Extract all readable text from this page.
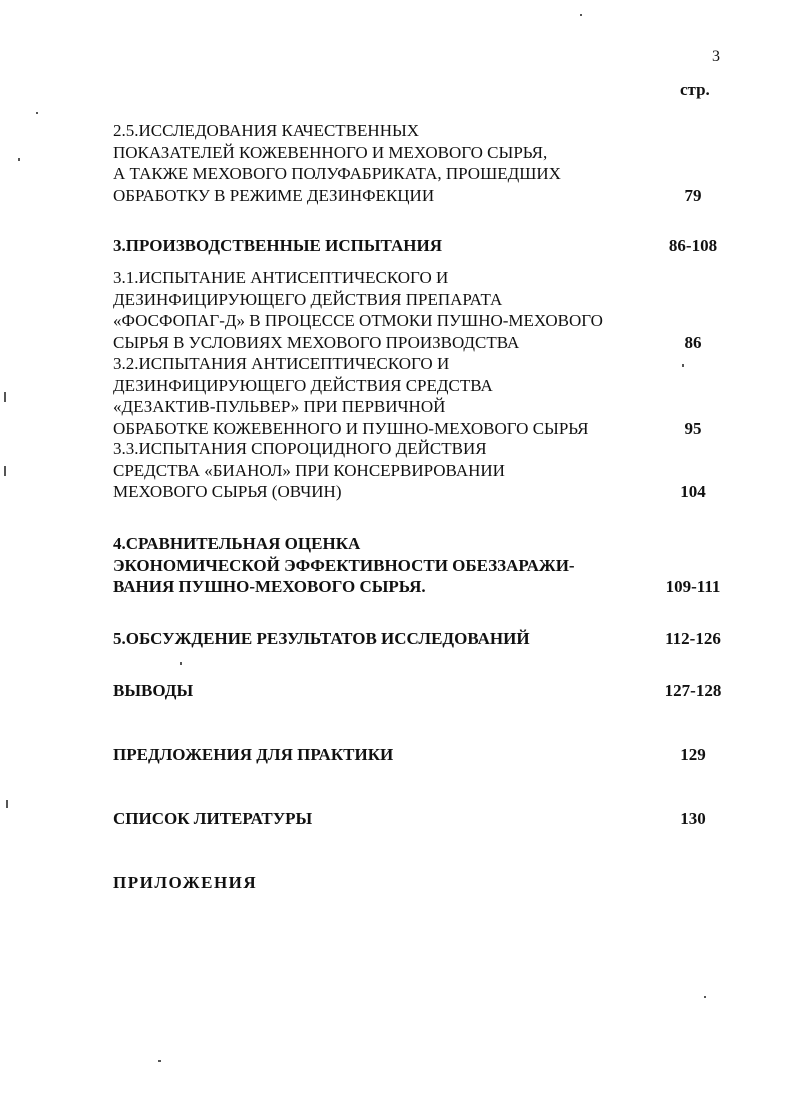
3
стр.
2.5.ИССЛЕДОВАНИЯ КАЧЕСТВЕННЫХ
ПОКАЗАТЕЛЕЙ КОЖЕВЕННОГО И МЕХОВОГО СЫРЬЯ,
А ТАКЖЕ МЕХОВОГО ПОЛУФАБРИКАТА, ПРОШЕДШИХ
ОБРАБОТКУ В РЕЖИМЕ ДЕЗИНФЕКЦИИ	79
3.ПРОИЗВОДСТВЕННЫЕ ИСПЫТАНИЯ	86-108
3.1.ИСПЫТАНИЕ АНТИСЕПТИЧЕСКОГО И
ДЕЗИНФИЦИРУЮЩЕГО ДЕЙСТВИЯ ПРЕПАРАТА
«ФОСФОПАГ-Д» В ПРОЦЕССЕ ОТМОКИ ПУШНО-МЕХОВОГО
СЫРЬЯ В УСЛОВИЯХ МЕХОВОГО ПРОИЗВОДСТВА	86
3.2.ИСПЫТАНИЯ АНТИСЕПТИЧЕСКОГО И
ДЕЗИНФИЦИРУЮЩЕГО ДЕЙСТВИЯ СРЕДСТВА
«ДЕЗАКТИВ-ПУЛЬВЕР» ПРИ ПЕРВИЧНОЙ
ОБРАБОТКЕ КОЖЕВЕННОГО И ПУШНО-МЕХОВОГО СЫРЬЯ	95
3.3.ИСПЫТАНИЯ СПОРОЦИДНОГО ДЕЙСТВИЯ
СРЕДСТВА «БИАНОЛ» ПРИ КОНСЕРВИРОВАНИИ
МЕХОВОГО СЫРЬЯ (ОВЧИН)	104
4.СРАВНИТЕЛЬНАЯ ОЦЕНКА
ЭКОНОМИЧЕСКОЙ ЭФФЕКТИВНОСТИ ОБЕЗЗАРАЖИ-
ВАНИЯ ПУШНО-МЕХОВОГО СЫРЬЯ.	109-111
5.ОБСУЖДЕНИЕ РЕЗУЛЬТАТОВ ИССЛЕДОВАНИЙ	112-126
ВЫВОДЫ	127-128
ПРЕДЛОЖЕНИЯ ДЛЯ ПРАКТИКИ	129
СПИСОК ЛИТЕРАТУРЫ	130
ПРИЛОЖЕНИЯ
